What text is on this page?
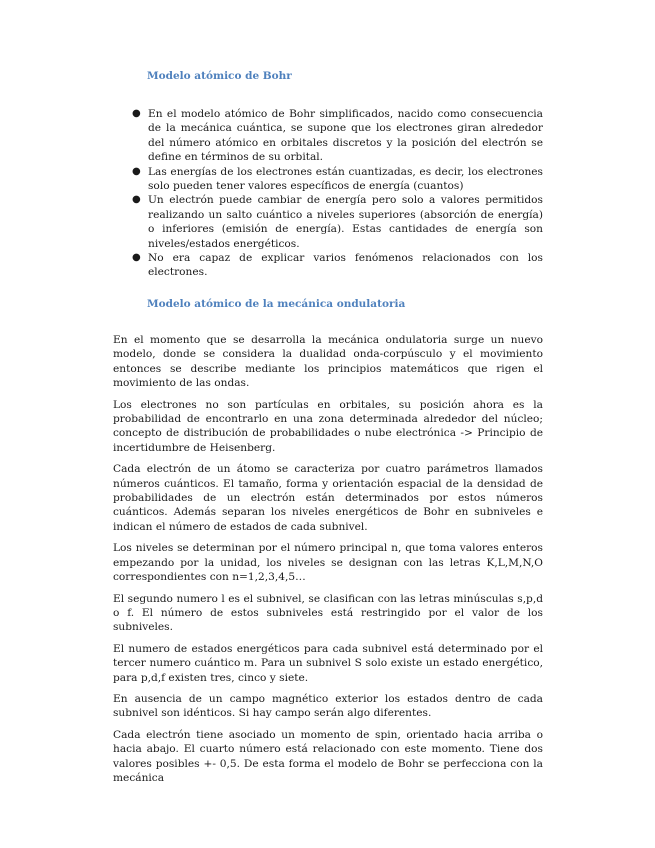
Modelo atómico de Bohr
● En el modelo atómico de Bohr simplificados, nacido como consecuencia de la mecánica cuántica, se supone que los electrones giran alrededor del número atómico en orbitales discretos y la posición del electrón se define en términos de su orbital.
● Las energías de los electrones están cuantizadas, es decir, los electrones solo pueden tener valores específicos de energía (cuantos)
● Un electrón puede cambiar de energía pero solo a valores permitidos realizando un salto cuántico a niveles superiores (absorción de energía) o inferiores (emisión de energía). Estas cantidades de energía son niveles/estados energéticos.
● No era capaz de explicar varios fenómenos relacionados con los electrones.
Modelo atómico de la mecánica ondulatoria

En el momento que se desarrolla la mecánica ondulatoria surge un nuevo modelo, donde se considera la dualidad onda-corpúsculo y el movimiento entonces se describe mediante los principios matemáticos que rigen el movimiento de las ondas.

Los electrones no son partículas en orbitales, su posición ahora es la probabilidad de encontrarlo en una zona determinada alrededor del núcleo; concepto de distribución de probabilidades o nube electrónica -> Principio de incertidumbre de Heisenberg.

Cada electrón de un átomo se caracteriza por cuatro parámetros llamados números cuánticos. El tamaño, forma y orientación espacial de la densidad de probabilidades de un electrón están determinados por estos números cuánticos. Además separan los niveles energéticos de Bohr en subniveles e indican el número de estados de cada subnivel.

Los niveles se determinan por el número principal n, que toma valores enteros empezando por la unidad, los niveles se designan con las letras K,L,M,N,O correspondientes con n=1,2,3,4,5…

El segundo numero l es el subnivel, se clasifican con las letras minúsculas s,p,d o f. El número de estos subniveles está restringido por el valor de los subniveles.

El numero de estados energéticos para cada subnivel está determinado por el tercer numero cuántico m. Para un subnivel S solo existe un estado energético, para p,d,f existen tres, cinco y siete.

En ausencia de un campo magnético exterior los estados dentro de cada subnivel son idénticos. Si hay campo serán algo diferentes.

Cada electrón tiene asociado un momento de spin, orientado hacia arriba o hacia abajo. El cuarto número está relacionado con este momento. Tiene dos valores posibles +- 0,5. De esta forma el modelo de Bohr se perfecciona con la mecánica
